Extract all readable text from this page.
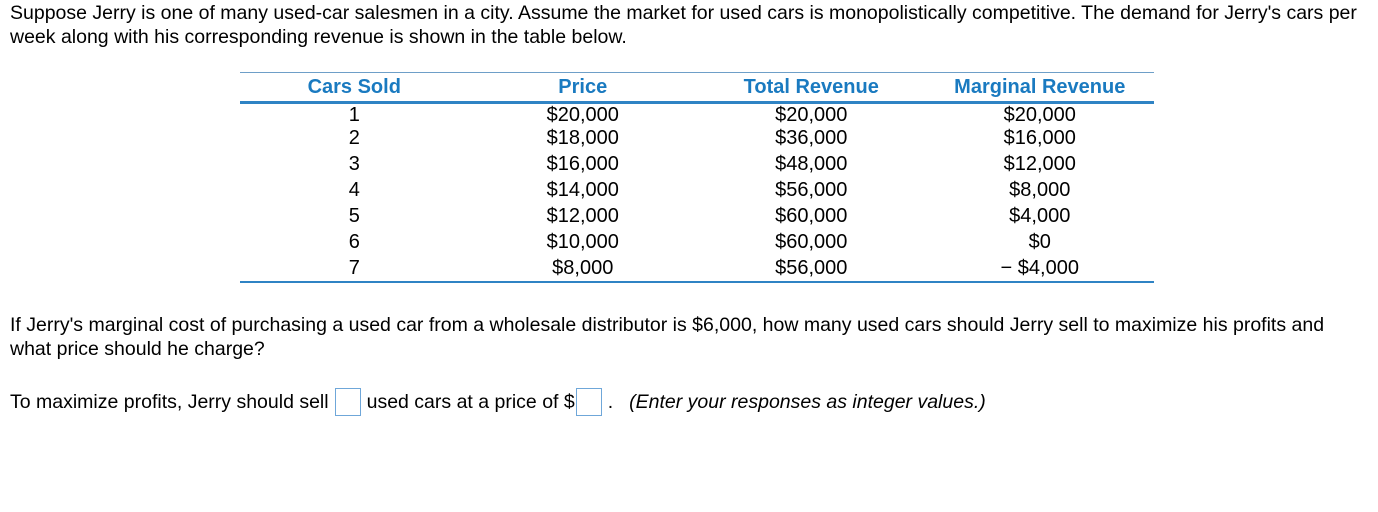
Suppose Jerry is one of many used-car salesmen in a city. Assume the market for used cars is monopolistically competitive. The demand for Jerry's cars per week along with his corresponding revenue is shown in the table below.

Cars Sold	Price	Total Revenue	Marginal Revenue
1	$20,000	$20,000	$20,000
2	$18,000	$36,000	$16,000
3	$16,000	$48,000	$12,000
4	$14,000	$56,000	$8,000
5	$12,000	$60,000	$4,000
6	$10,000	$60,000	$0
7	$8,000	$56,000	− $4,000

If Jerry's marginal cost of purchasing a used car from a wholesale distributor is $6,000, how many used cars should Jerry sell to maximize his profits and what price should he charge?

To maximize profits, Jerry should sell used cars at a price of $ . (Enter your responses as integer values.)
